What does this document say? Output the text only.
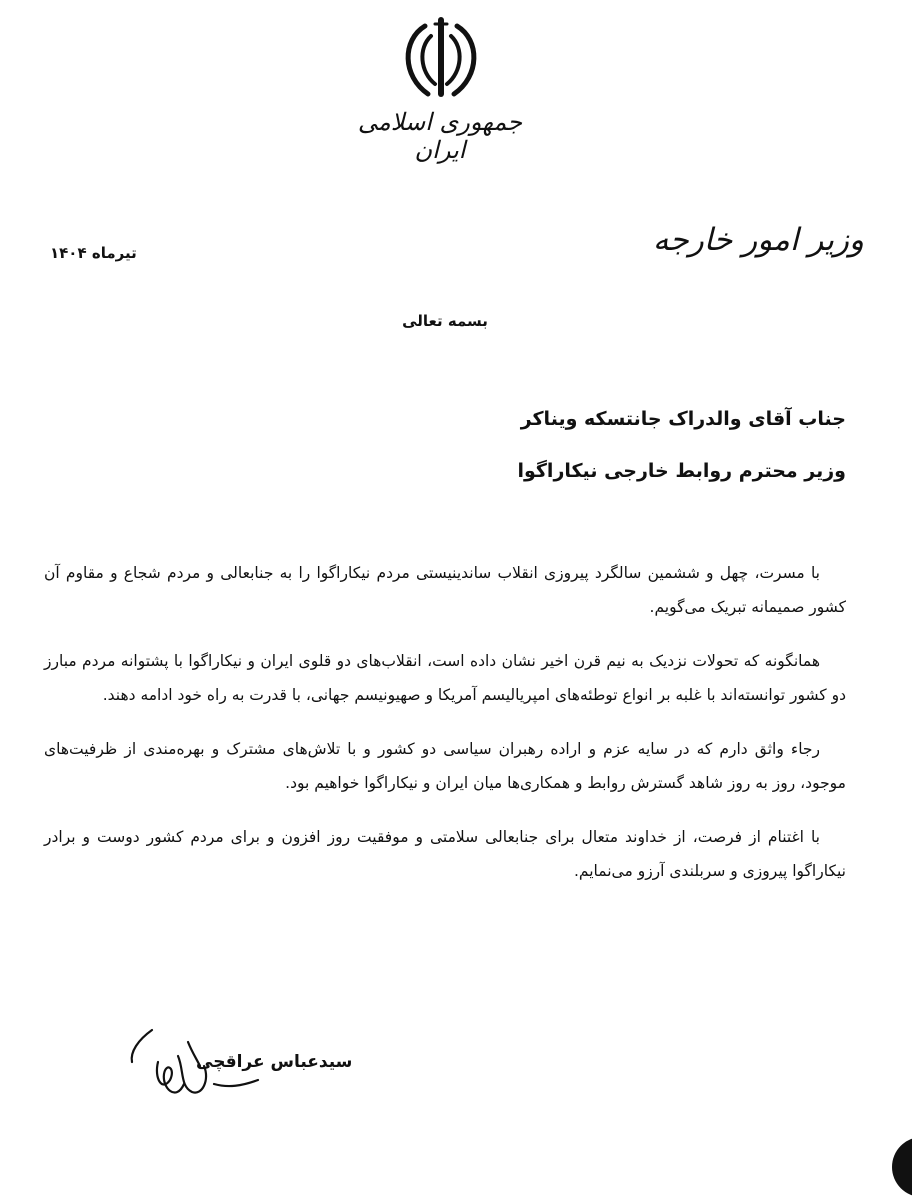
جمهوری اسلامی ایران
وزیر امور خارجه
تیرماه ۱۴۰۴
بسمه تعالی
جناب آقای والدراک جانتسکه ویناکر
وزیر محترم روابط خارجی نیکاراگوا

با مسرت، چهل و ششمین سالگرد پیروزی انقلاب ساندینیستی مردم نیکاراگوا را به جنابعالی و مردم شجاع و مقاوم آن کشور صمیمانه تبریک می‌گویم.

همانگونه که تحولات نزدیک به نیم قرن اخیر نشان داده است، انقلاب‌های دو قلوی ایران و نیکاراگوا با پشتوانه مردم مبارز دو کشور توانسته‌اند با غلبه بر انواع توطئه‌های امپریالیسم آمریکا و صهیونیسم جهانی، با قدرت به راه خود ادامه دهند.

رجاء واثق دارم که در سایه عزم و اراده رهبران سیاسی دو کشور و با تلاش‌های مشترک و بهره‌مندی از ظرفیت‌های موجود، روز به روز شاهد گسترش روابط و همکاری‌ها میان ایران و نیکاراگوا خواهیم بود.

با اغتنام از فرصت، از خداوند متعال برای جنابعالی سلامتی و موفقیت روز افزون و برای مردم کشور دوست و برادر نیکاراگوا پیروزی و سربلندی آرزو می‌نمایم.

سیدعباس عراقچی
